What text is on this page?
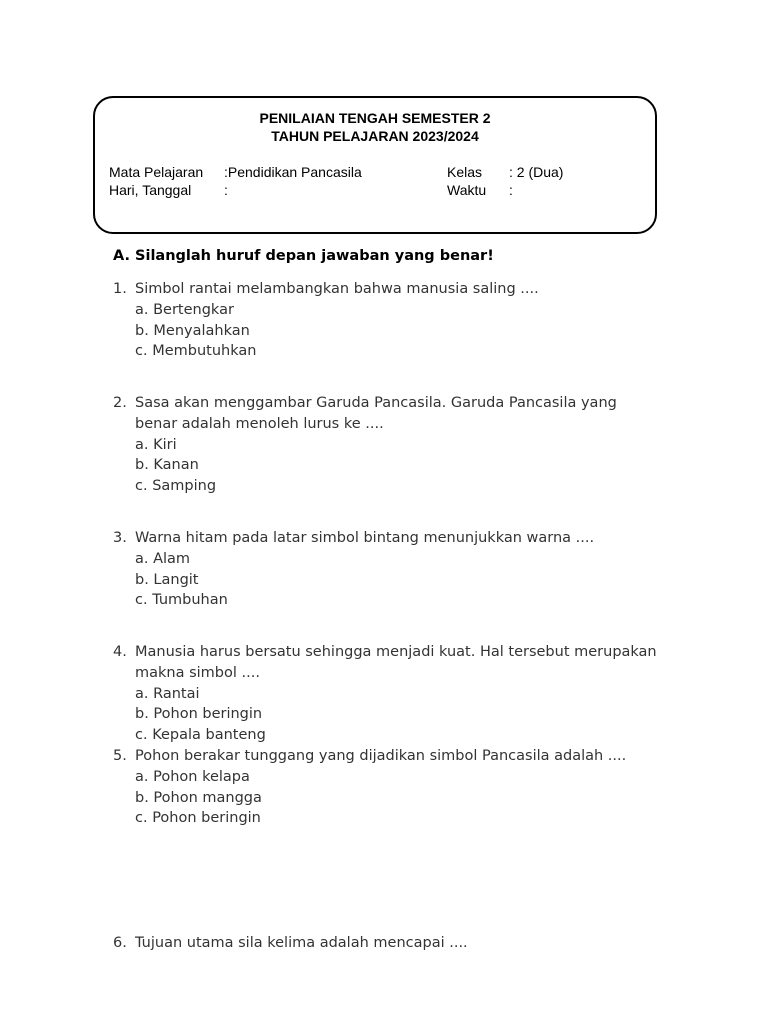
PENILAIAN TENGAH SEMESTER 2
TAHUN PELAJARAN 2023/2024
Mata Pelajaran :Pendidikan Pancasila	Kelas : 2 (Dua)
Hari, Tanggal :	Waktu :
A. Silanglah huruf depan jawaban yang benar!
1. Simbol rantai melambangkan bahwa manusia saling ....
a. Bertengkar
b. Menyalahkan
c. Membutuhkan
2. Sasa akan menggambar Garuda Pancasila. Garuda Pancasila yang benar adalah menoleh lurus ke ....
a. Kiri
b. Kanan
c. Samping
3. Warna hitam pada latar simbol bintang menunjukkan warna ....
a. Alam
b. Langit
c. Tumbuhan
4. Manusia harus bersatu sehingga menjadi kuat. Hal tersebut merupakan makna simbol ....
a. Rantai
b. Pohon beringin
c. Kepala banteng
5. Pohon berakar tunggang yang dijadikan simbol Pancasila adalah ....
a. Pohon kelapa
b. Pohon mangga
c. Pohon beringin
6. Tujuan utama sila kelima adalah mencapai ....
